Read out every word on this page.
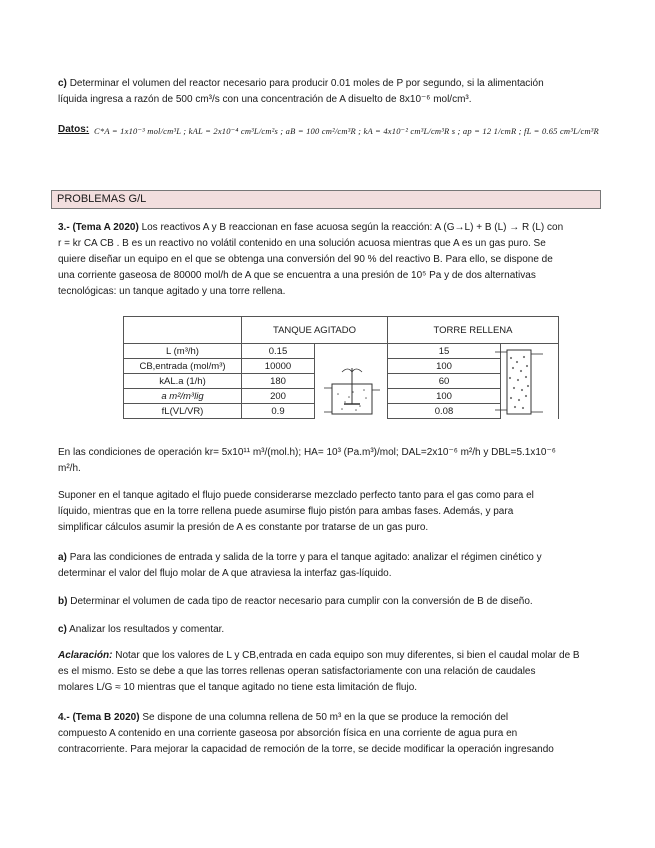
c) Determinar el volumen del reactor necesario para producir 0.01 moles de P por segundo, si la alimentación
líquida ingresa a razón de 500 cm³/s con una concentración de A disuelto de 8x10⁻⁶ mol/cm³.
Datos: C*A = 1x10⁻³ mol/cm³L ; kAL = 2x10⁻⁴ cm³L/cm²s ; aB = 100 cm²/cm³R ; kA = 4x10⁻² cm³L/cm³R s ; ap = 12 1/cmR ; fL = 0.65 cm³L/cm³R
PROBLEMAS G/L
3.- (Tema A 2020) Los reactivos A y B reaccionan en fase acuosa según la reacción: A (G→L) + B (L) → R (L) con
r = kr CA CB . B es un reactivo no volátil contenido en una solución acuosa mientras que A es un gas puro. Se
quiere diseñar un equipo en el que se obtenga una conversión del 90 % del reactivo B. Para ello, se dispone de
una corriente gaseosa de 80000 mol/h de A que se encuentra a una presión de 10⁵ Pa y de dos alternativas
tecnológicas: un tanque agitado y una torre rellena.
	TANQUE AGITADO		TORRE RELLENA	
L (m³/h)	0.15		15	
CB,entrada (mol/m³)	10000		100	
kAL.a (1/h)	180		60	
a m²/m³lig	200		100	
fL(VL/VR)	0.9		0.08	
En las condiciones de operación kr= 5x10¹¹ m³/(mol.h); HA= 10³ (Pa.m³)/mol; DAL=2x10⁻⁶ m²/h y DBL=5.1x10⁻⁶
m²/h.
Suponer en el tanque agitado el flujo puede considerarse mezclado perfecto tanto para el gas como para el
líquido, mientras que en la torre rellena puede asumirse flujo pistón para ambas fases. Además, y para
simplificar cálculos asumir la presión de A es constante por tratarse de un gas puro.
a) Para las condiciones de entrada y salida de la torre y para el tanque agitado: analizar el régimen cinético y
determinar el valor del flujo molar de A que atraviesa la interfaz gas-líquido.
b) Determinar el volumen de cada tipo de reactor necesario para cumplir con la conversión de B de diseño.
c) Analizar los resultados y comentar.
Aclaración: Notar que los valores de L y CB,entrada en cada equipo son muy diferentes, si bien el caudal molar de B
es el mismo. Esto se debe a que las torres rellenas operan satisfactoriamente con una relación de caudales
molares L/G ≈ 10 mientras que el tanque agitado no tiene esta limitación de flujo.
4.- (Tema B 2020) Se dispone de una columna rellena de 50 m³ en la que se produce la remoción del
compuesto A contenido en una corriente gaseosa por absorción física en una corriente de agua pura en
contracorriente. Para mejorar la capacidad de remoción de la torre, se decide modificar la operación ingresando
